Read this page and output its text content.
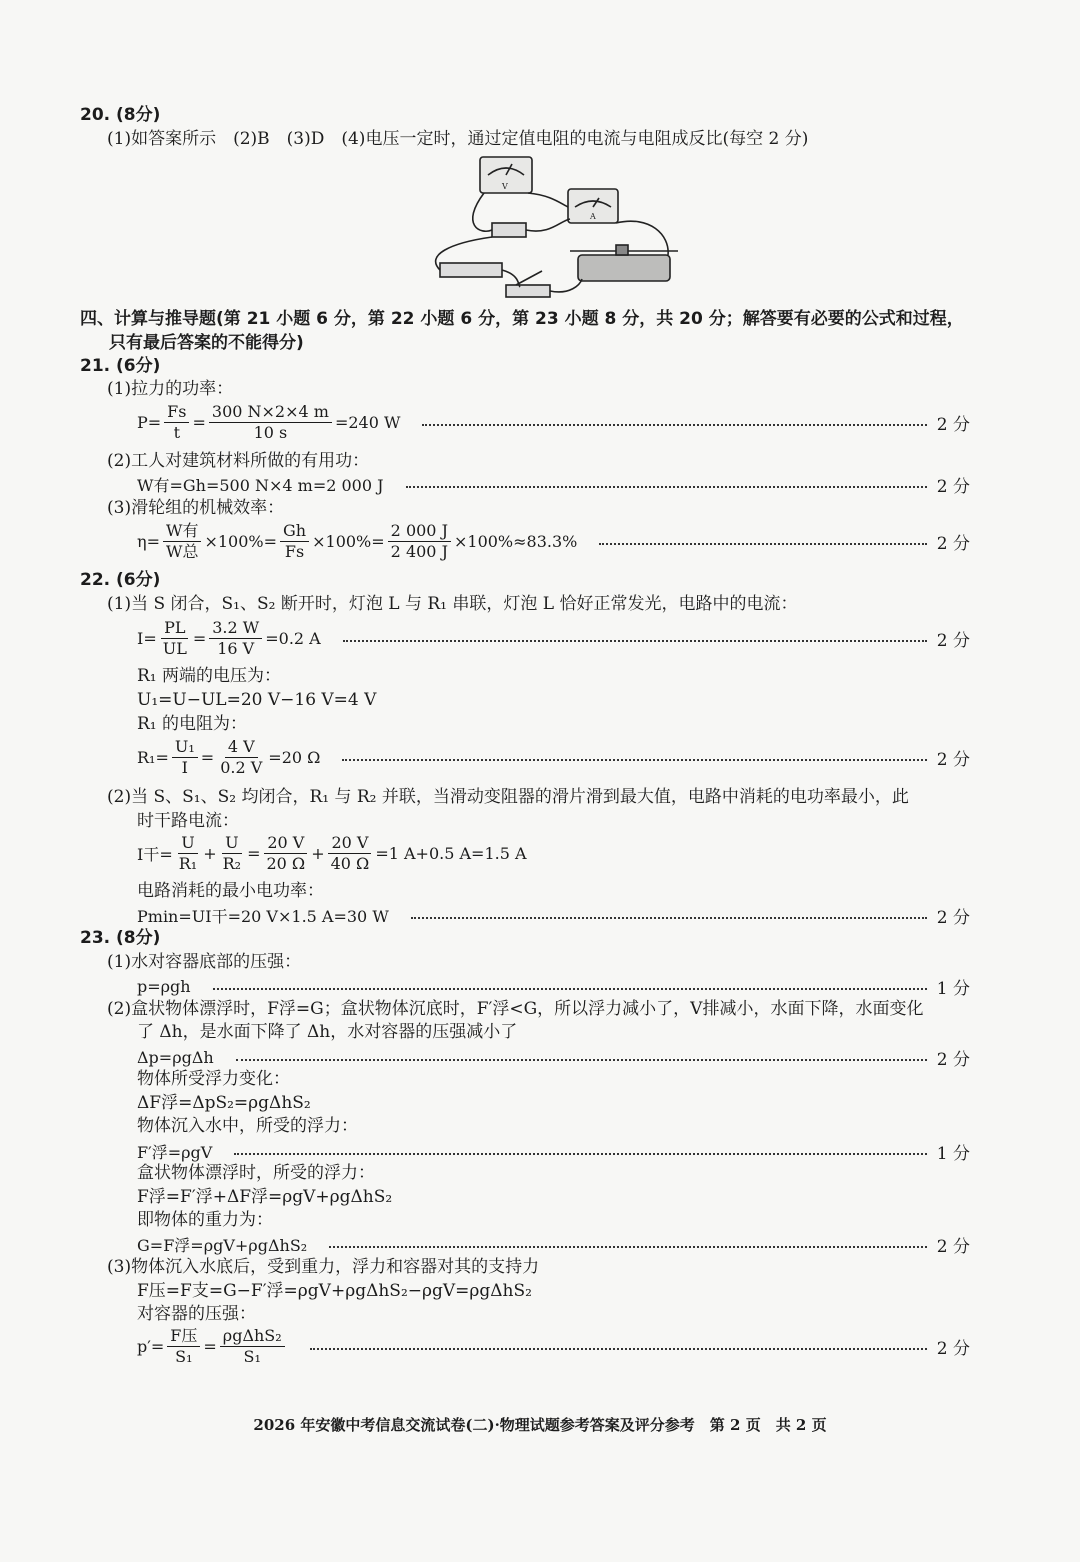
20. (8分)
(1)如答案所示　(2)B　(3)D　(4)电压一定时，通过定值电阻的电流与电阻成反比(每空 2 分)
V
A
四、计算与推导题(第 21 小题 6 分，第 22 小题 6 分，第 23 小题 8 分，共 20 分；解答要有必要的公式和过程，
只有最后答案的不能得分)
21. (6分)
(1)拉力的功率：
$P= \frac{Fs}{t} = \frac{300 N\times 2\times 4 m}{10 s} =240$ W	2 分
(2)工人对建筑材料所做的有用功：
W有=Gh=500 N×4 m=2 000 J	2 分
(3)滑轮组的机械效率：
$\eta= \frac{\text{W有}}{\text{W总}} \times 100\%= \frac{Gh}{Fs} \times 100\%= \frac{2 000 J}{2 400 J} \times 100\%\approx 83.3\%$	2 分
22. (6分)
(1)当 S 闭合，S₁、S₂ 断开时，灯泡 L 与 R₁ 串联，灯泡 L 恰好正常发光，电路中的电流：
$I= \frac{PL}{UL} = \frac{3.2 W}{16 V} =0.2$ A	2 分
R₁ 两端的电压为：
U₁=U−UL=20 V−16 V=4 V
R₁ 的电阻为：
$R_1= \frac{\text{U₁}}{I} = \frac{4 V}{0.2 V} =20$ Ω	2 分
(2)当 S、S₁、S₂ 均闭合，R₁ 与 R₂ 并联，当滑动变阻器的滑片滑到最大值，电路中消耗的电功率最小，此
时干路电流：
I干= $\frac{U}{\text{R₁}} + \frac{U}{\text{R₂}} = \frac{20 V}{20 \Omega} + \frac{20 V}{40 \Omega} =1$ A+0.5 A=1.5 A
电路消耗的最小电功率：
Pmin=UI干=20 V×1.5 A=30 W	2 分
23. (8分)
(1)水对容器底部的压强：
p=ρgh	1 分
(2)盒状物体漂浮时，F浮=G；盒状物体沉底时，F′浮<G，所以浮力减小了，V排减小，水面下降，水面变化
了 Δh，是水面下降了 Δh，水对容器的压强减小了
Δp=ρgΔh	2 分
物体所受浮力变化：
ΔF浮=ΔpS₂=ρgΔhS₂
物体沉入水中，所受的浮力：
F′浮=ρgV	1 分
盒状物体漂浮时，所受的浮力：
F浮=F′浮+ΔF浮=ρgV+ρgΔhS₂
即物体的重力为：
G=F浮=ρgV+ρgΔhS₂	2 分
(3)物体沉入水底后，受到重力，浮力和容器对其的支持力
F压=F支=G−F′浮=ρgV+ρgΔhS₂−ρgV=ρgΔhS₂
对容器的压强：
$p'= \frac{\text{F压}}{\text{S₁}} = \frac{\text{ρgΔhS₂}}{\text{S₁}}$	2 分
2026 年安徽中考信息交流试卷(二)·物理试题参考答案及评分参考　第 2 页　共 2 页
